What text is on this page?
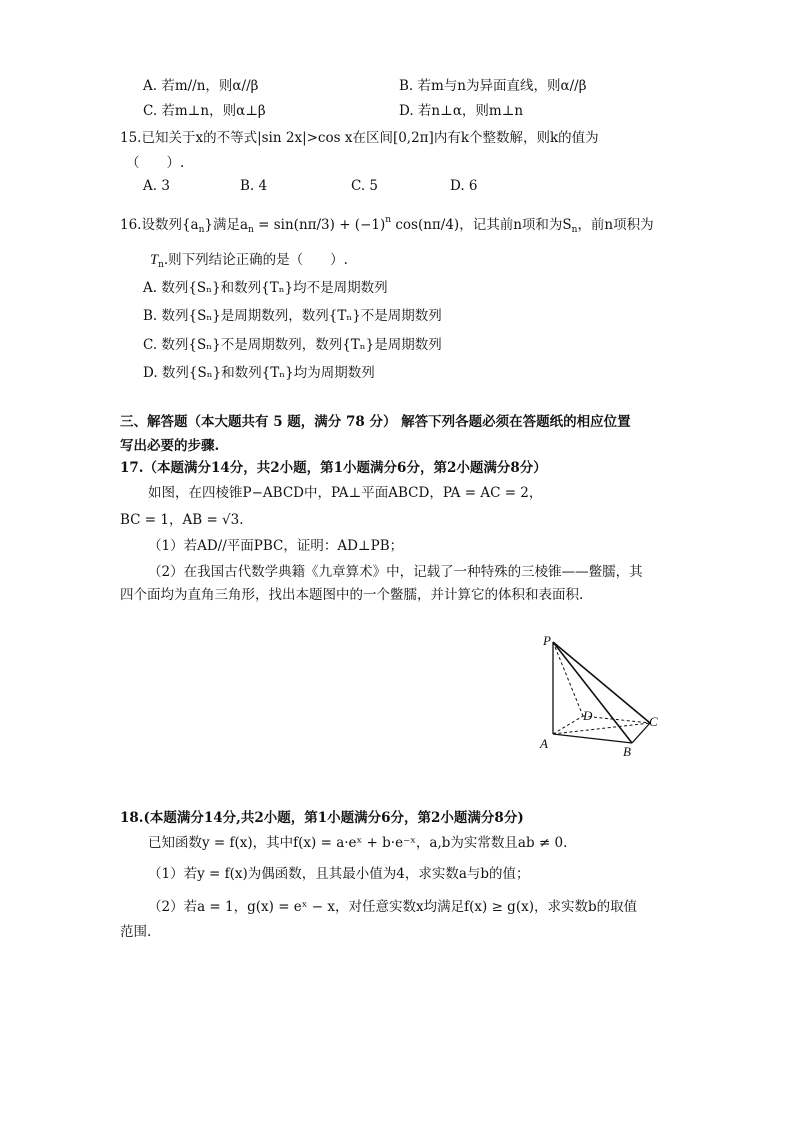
A. 若m//n，则α//β	B. 若m与n为异面直线，则α//β
C. 若m⊥n，则α⊥β	D. 若n⊥α，则m⊥n
15.已知关于x的不等式|sin 2x|>cos x在区间[0,2π]内有k个整数解，则k的值为
（　　）.
A. 3	B. 4	C. 5	D. 6
16.设数列$\{a_n\}$满足$a_n = \sin(n\pi/3) + (-1)^n$ cos(nπ/4)，记其前n项和为$S_n$，前n项积为
$T_n$.则下列结论正确的是（　　）.
A. 数列{Sₙ}和数列{Tₙ}均不是周期数列
B. 数列{Sₙ}是周期数列，数列{Tₙ}不是周期数列
C. 数列{Sₙ}不是周期数列，数列{Tₙ}是周期数列
D. 数列{Sₙ}和数列{Tₙ}均为周期数列
三、解答题（本大题共有 5 题，满分 78 分） 解答下列各题必须在答题纸的相应位置
写出必要的步骤.
17.（本题满分14分，共2小题，第1小题满分6分，第2小题满分8分）
如图，在四棱锥P−ABCD中，PA⊥平面ABCD，PA = AC = 2，
BC = 1，AB = √3.
（1）若AD//平面PBC，证明：AD⊥PB；
（2）在我国古代数学典籍《九章算术》中，记载了一种特殊的三棱锥——鳖臑，其
四个面均为直角三角形，找出本题图中的一个鳖臑，并计算它的体积和表面积.
P
D	C
A
B
18.(本题满分14分,共2小题，第1小题满分6分，第2小题满分8分)
已知函数y = f(x)，其中f(x) = a·eˣ + b·e⁻ˣ，a,b为实常数且ab ≠ 0.
（1）若y = f(x)为偶函数，且其最小值为4，求实数a与b的值；
（2）若a = 1，g(x) = eˣ − x，对任意实数x均满足f(x) ≥ g(x)，求实数b的取值
范围.
